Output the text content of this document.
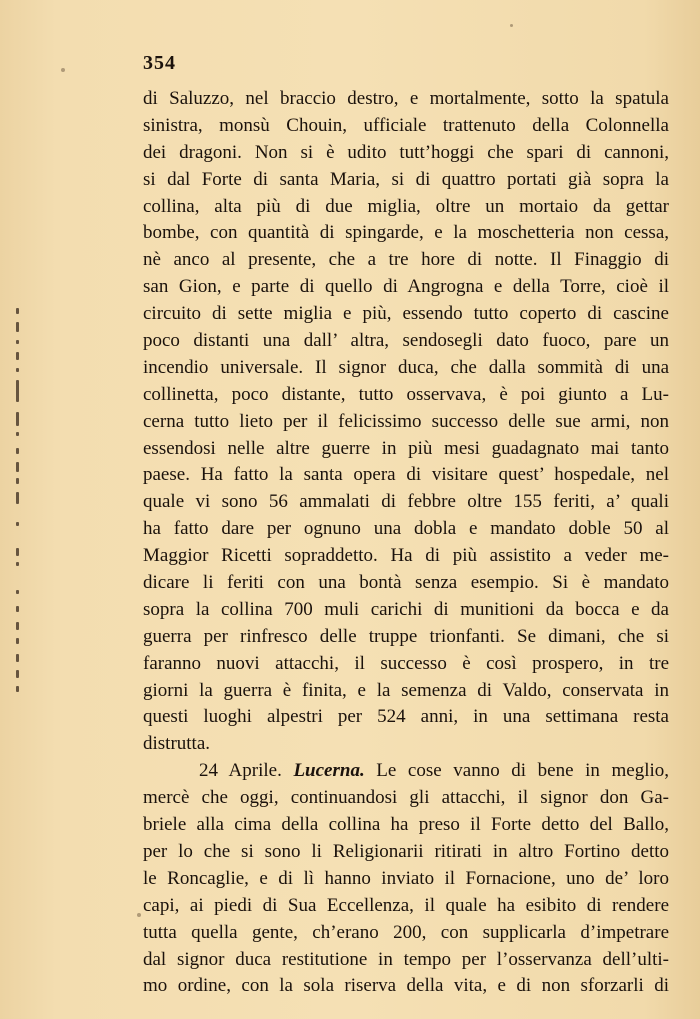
354
di Saluzzo, nel braccio destro, e mortalmente, sotto la spatula
sinistra, monsù Chouin, ufficiale trattenuto della Colonnella
dei dragoni. Non si è udito tutt’hoggi che spari di cannoni,
si dal Forte di santa Maria, si di quattro portati già sopra la
collina, alta più di due miglia, oltre un mortaio da gettar
bombe, con quantità di spingarde, e la moschetteria non cessa,
nè anco al presente, che a tre hore di notte. Il Finaggio di
san Gion, e parte di quello di Angrogna e della Torre, cioè il
circuito di sette miglia e più, essendo tutto coperto di cascine
poco distanti una dall’ altra, sendosegli dato fuoco, pare un
incendio universale. Il signor duca, che dalla sommità di una
collinetta, poco distante, tutto osservava, è poi giunto a Lu-
cerna tutto lieto per il felicissimo successo delle sue armi, non
essendosi nelle altre guerre in più mesi guadagnato mai tanto
paese. Ha fatto la santa opera di visitare quest’ hospedale, nel
quale vi sono 56 ammalati di febbre oltre 155 feriti, a’ quali
ha fatto dare per ognuno una dobla e mandato doble 50 al
Maggior Ricetti sopraddetto. Ha di più assistito a veder me-
dicare li feriti con una bontà senza esempio. Si è mandato
sopra la collina 700 muli carichi di munitioni da bocca e da
guerra per rinfresco delle truppe trionfanti. Se dimani, che si
faranno nuovi attacchi, il successo è così prospero, in tre
giorni la guerra è finita, e la semenza di Valdo, conservata in
questi luoghi alpestri per 524 anni, in una settimana resta
distrutta.
24 Aprile. Lucerna. Le cose vanno di bene in meglio,
mercè che oggi, continuandosi gli attacchi, il signor don Ga-
briele alla cima della collina ha preso il Forte detto del Ballo,
per lo che si sono li Religionarii ritirati in altro Fortino detto
le Roncaglie, e di lì hanno inviato il Fornacione, uno de’ loro
capi, ai piedi di Sua Eccellenza, il quale ha esibito di rendere
tutta quella gente, ch’erano 200, con supplicarla d’impetrare
dal signor duca restitutione in tempo per l’osservanza dell’ulti-
mo ordine, con la sola riserva della vita, e di non sforzarli di
